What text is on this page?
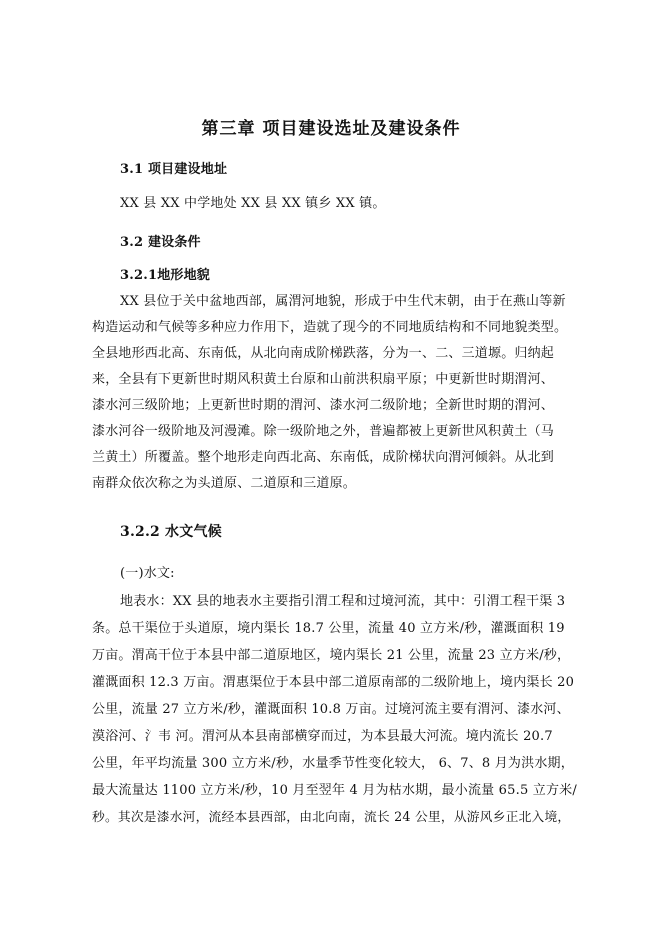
第三章 项目建设选址及建设条件
3.1 项目建设地址
XX 县 XX 中学地处 XX 县 XX 镇乡 XX 镇。
3.2 建设条件
3.2.1地形地貌
XX 县位于关中盆地西部，属渭河地貌，形成于中生代末朝，由于在燕山等新
构造运动和气候等多种应力作用下，造就了现今的不同地质结构和不同地貌类型。
全县地形西北高、东南低，从北向南成阶梯跌落，分为一、二、三道塬。归纳起
来，全县有下更新世时期风积黄土台原和山前洪积扇平原；中更新世时期渭河、
漆水河三级阶地；上更新世时期的渭河、漆水河二级阶地；全新世时期的渭河、
漆水河谷一级阶地及河漫滩。除一级阶地之外，普遍都被上更新世风积黄土（马
兰黄土）所覆盖。整个地形走向西北高、东南低，成阶梯状向渭河倾斜。从北到
南群众依次称之为头道原、二道原和三道原。
3.2.2 水文气候
(一)水文:
地表水：XX 县的地表水主要指引渭工程和过境河流，其中：引渭工程干渠 3
条。总干渠位于头道原，境内渠长 18.7 公里，流量 40 立方米/秒，灌溉面积 19
万亩。渭高干位于本县中部二道原地区，境内渠长 21 公里，流量 23 立方米/秒，
灌溉面积 12.3 万亩。渭惠渠位于本县中部二道原南部的二级阶地上，境内渠长 20
公里，流量 27 立方米/秒，灌溉面积 10.8 万亩。过境河流主要有渭河、漆水河、
漠浴河、氵韦 河。渭河从本县南部横穿而过，为本县最大河流。境内流长 20.7
公里，年平均流量 300 立方米/秒，水量季节性变化较大， 6、7、8 月为洪水期，
最大流量达 1100 立方米/秒，10 月至翌年 4 月为枯水期，最小流量 65.5 立方米/
秒。其次是漆水河，流经本县西部，由北向南，流长 24 公里，从游风乡正北入境，
